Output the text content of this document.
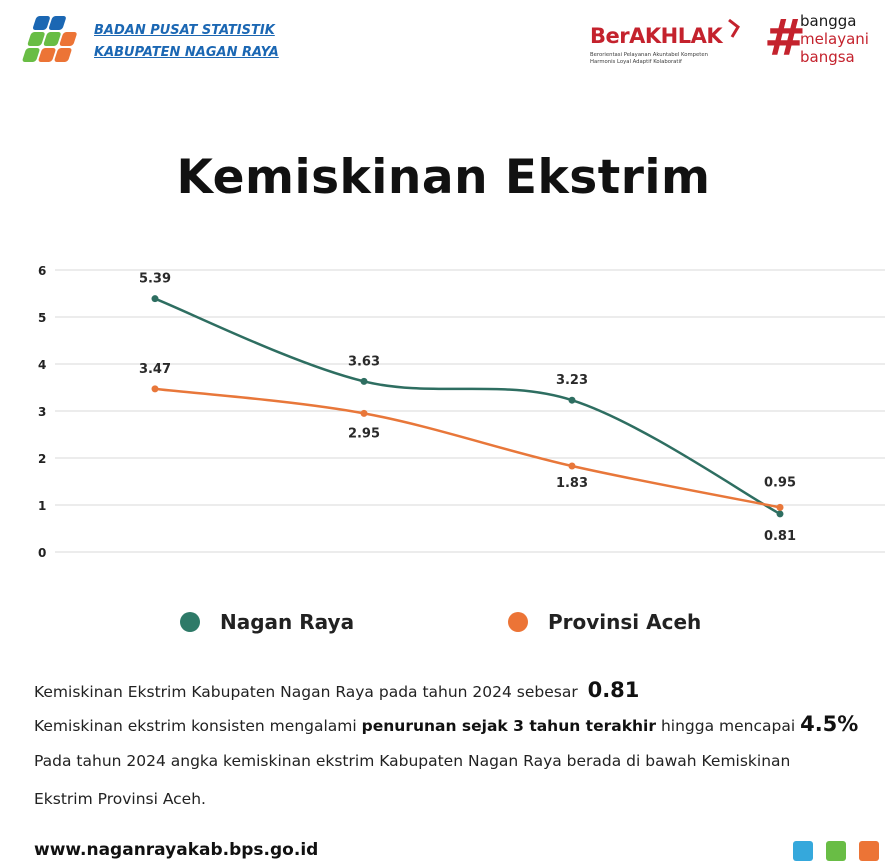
BADAN PUSAT STATISTIK
KABUPATEN NAGAN RAYA
BerAKHLAK
Berorientasi Pelayanan Akuntabel Kompeten
Harmonis Loyal Adaptif Kolaboratif	#
bangga
melayani
bangsa
Kemiskinan Ekstrim
0
1
2
3
4
5
6
5.39
3.63
3.23
0.81
3.47
2.95
1.83	0.95
Nagan Raya	Provinsi Aceh
Kemiskinan Ekstrim Kabupaten Nagan Raya pada tahun 2024 sebesar 0.81
Kemiskinan ekstrim konsisten mengalami penurunan sejak 3 tahun terakhir hingga mencapai 4.5%
Pada tahun 2024 angka kemiskinan ekstrim Kabupaten Nagan Raya berada di bawah Kemiskinan
Ekstrim Provinsi Aceh.
www.naganrayakab.bps.go.id
